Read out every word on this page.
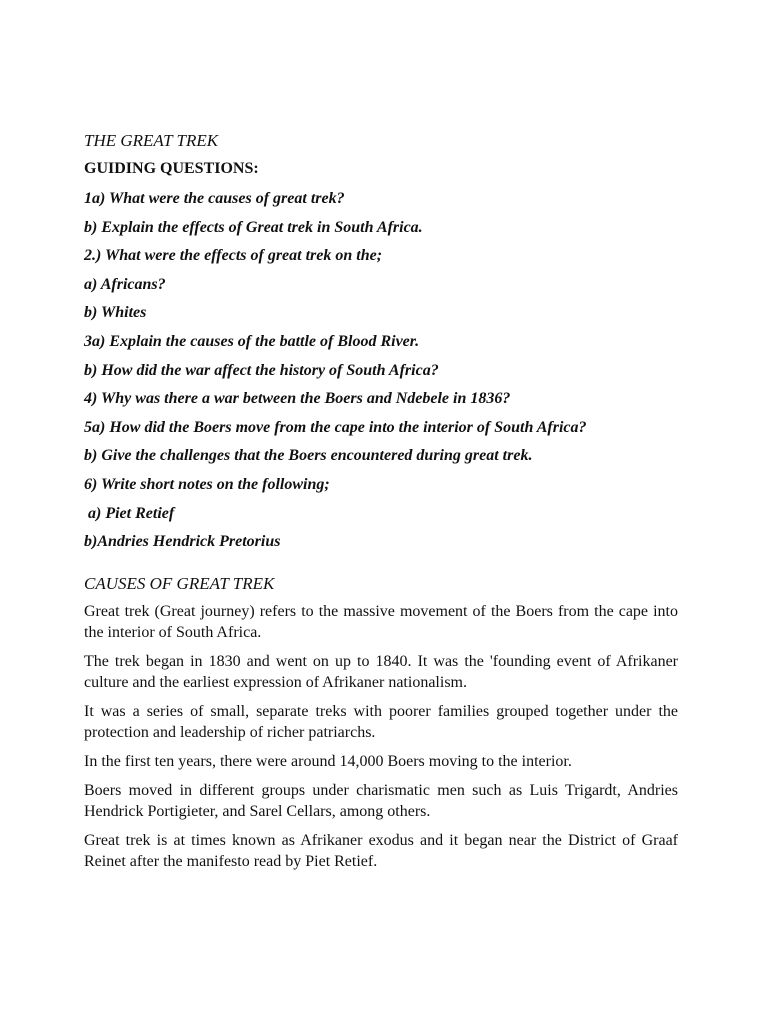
THE GREAT TREK
GUIDING QUESTIONS:
1a) What were the causes of great trek?
b) Explain the effects of Great trek in South Africa.
2.) What were the effects of great trek on the;
a) Africans?
b) Whites
3a) Explain the causes of the battle of Blood River.
b) How did the war affect the history of South Africa?
4) Why was there a war between the Boers and Ndebele in 1836?
5a) How did the Boers move from the cape into the interior of South Africa?
b) Give the challenges that the Boers encountered during great trek.
6) Write short notes on the following;
a) Piet Retief
b)Andries Hendrick Pretorius
CAUSES OF GREAT TREK

Great trek (Great journey) refers to the massive movement of the Boers from the cape into the interior of South Africa.

The trek began in 1830 and went on up to 1840. It was the 'founding event of Afrikaner culture and the earliest expression of Afrikaner nationalism.

It was a series of small, separate treks with poorer families grouped together under the protection and leadership of richer patriarchs.

In the first ten years, there were around 14,000 Boers moving to the interior.

Boers moved in different groups under charismatic men such as Luis Trigardt, Andries Hendrick Portigieter, and Sarel Cellars, among others.

Great trek is at times known as Afrikaner exodus and it began near the District of Graaf Reinet after the manifesto read by Piet Retief.
